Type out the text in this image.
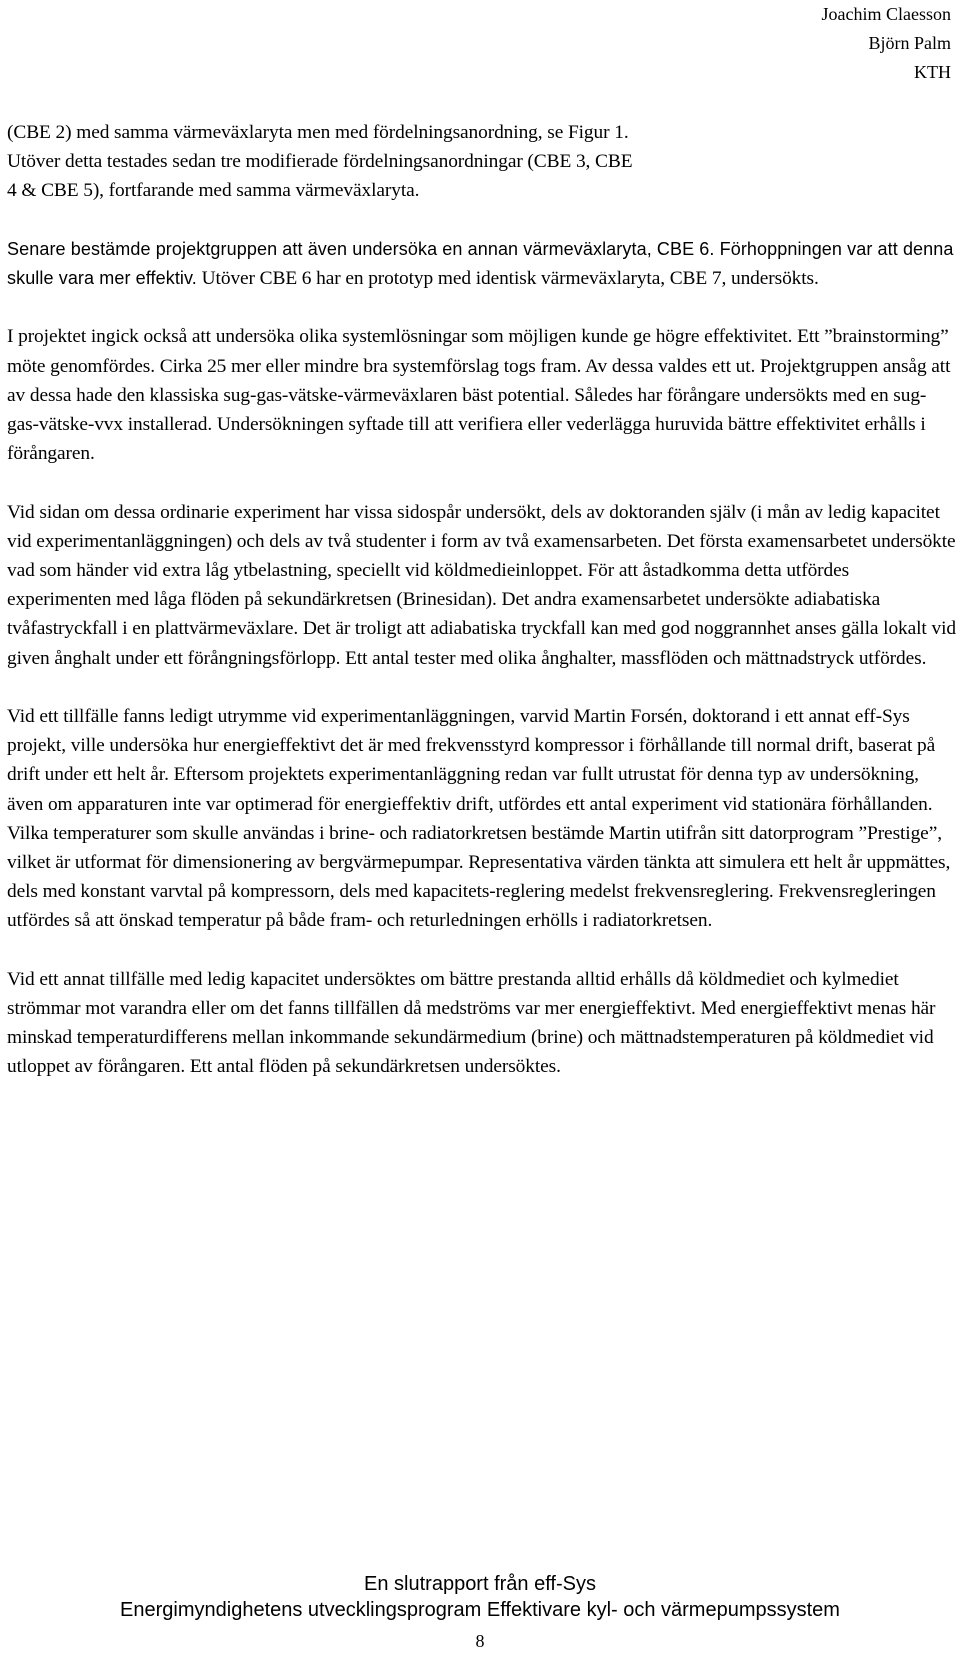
Joachim Claesson
Björn Palm
KTH

(CBE 2) med samma värmeväxlaryta men med fördelningsanordning, se Figur 1.
Utöver detta testades sedan tre modifierade fördelningsanordningar (CBE 3, CBE
4 & CBE 5), fortfarande med samma värmeväxlaryta.

Senare bestämde projektgruppen att även undersöka en annan värmeväxlaryta, CBE 6. Förhoppningen var att denna skulle vara mer effektiv. Utöver CBE 6 har en prototyp med identisk värmeväxlaryta, CBE 7, undersökts.

I projektet ingick också att undersöka olika systemlösningar som möjligen kunde ge högre effektivitet. Ett ”brainstorming” möte genomfördes. Cirka 25 mer eller mindre bra systemförslag togs fram. Av dessa valdes ett ut. Projektgruppen ansåg att av dessa hade den klassiska sug-gas-vätske-värmeväxlaren bäst potential. Således har förångare undersökts med en sug-gas-vätske-vvx installerad. Undersökningen syftade till att verifiera eller vederlägga huruvida bättre effektivitet erhålls i förångaren.

Vid sidan om dessa ordinarie experiment har vissa sidospår undersökt, dels av doktoranden själv (i mån av ledig kapacitet vid experimentanläggningen) och dels av två studenter i form av två examensarbeten. Det första examensarbetet undersökte vad som händer vid extra låg ytbelastning, speciellt vid köldmedieinloppet. För att åstadkomma detta utfördes experimenten med låga flöden på sekundärkretsen (Brinesidan). Det andra examensarbetet undersökte adiabatiska tvåfastryckfall i en plattvärmeväxlare. Det är troligt att adiabatiska tryckfall kan med god noggrannhet anses gälla lokalt vid given ånghalt under ett förångningsförlopp. Ett antal tester med olika ånghalter, massflöden och mättnadstryck utfördes.

Vid ett tillfälle fanns ledigt utrymme vid experimentanläggningen, varvid Martin Forsén, doktorand i ett annat eff-Sys projekt, ville undersöka hur energieffektivt det är med frekvensstyrd kompressor i förhållande till normal drift, baserat på drift under ett helt år. Eftersom projektets experimentanläggning redan var fullt utrustat för denna typ av undersökning, även om apparaturen inte var optimerad för energieffektiv drift, utfördes ett antal experiment vid stationära förhållanden. Vilka temperaturer som skulle användas i brine- och radiatorkretsen bestämde Martin utifrån sitt datorprogram ”Prestige”, vilket är utformat för dimensionering av bergvärmepumpar. Representativa värden tänkta att simulera ett helt år uppmättes, dels med konstant varvtal på kompressorn, dels med kapacitets-reglering medelst frekvensreglering. Frekvensregleringen utfördes så att önskad temperatur på både fram- och returledningen erhölls i radiatorkretsen.

Vid ett annat tillfälle med ledig kapacitet undersöktes om bättre prestanda alltid erhålls då köldmediet och kylmediet strömmar mot varandra eller om det fanns tillfällen då medströms var mer energieffektivt. Med energieffektivt menas här minskad temperaturdifferens mellan inkommande sekundärmedium (brine) och mättnadstemperaturen på köldmediet vid utloppet av förångaren. Ett antal flöden på sekundärkretsen undersöktes.

En slutrapport från eff-Sys
Energimyndighetens utvecklingsprogram Effektivare kyl- och värmepumpssystem
8
